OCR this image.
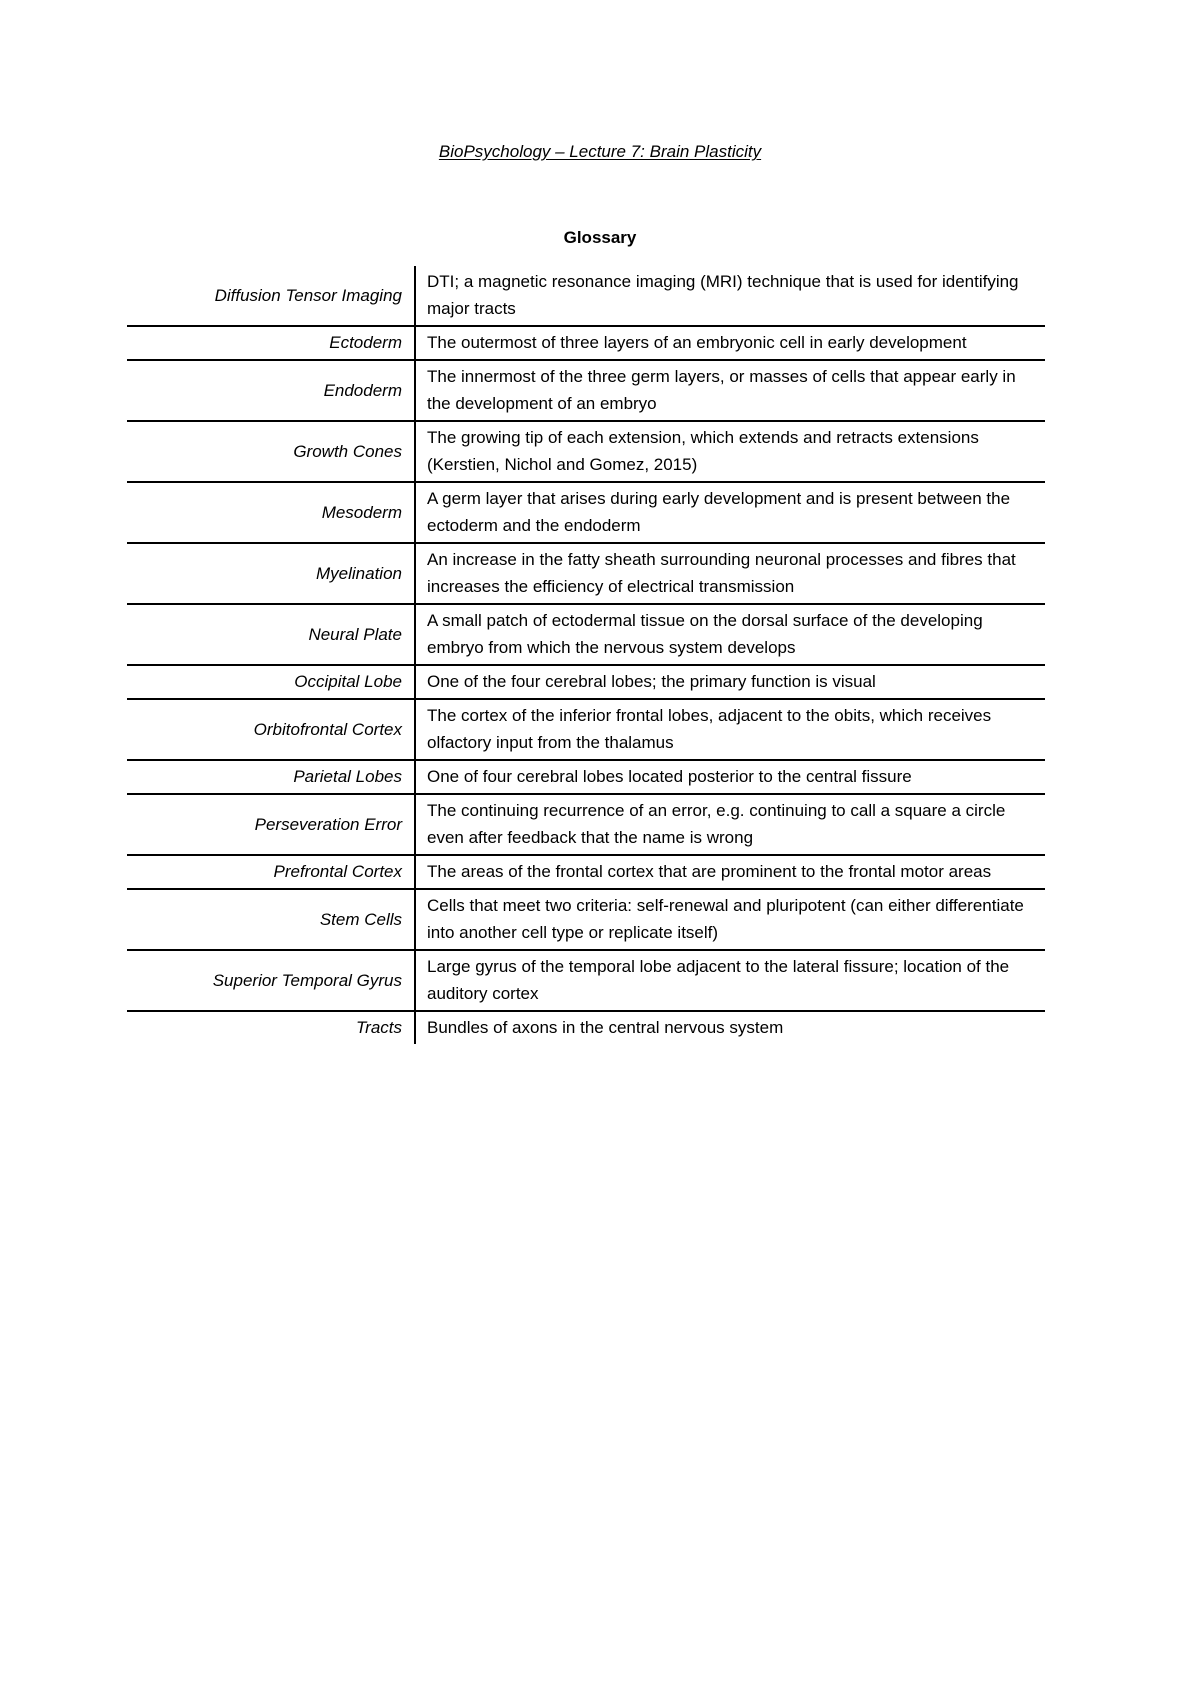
BioPsychology – Lecture 7: Brain Plasticity
Glossary
Diffusion Tensor Imaging	DTI; a magnetic resonance imaging (MRI) technique that is used for identifying major tracts
Ectoderm	The outermost of three layers of an embryonic cell in early development
Endoderm	The innermost of the three germ layers, or masses of cells that appear early in the development of an embryo
Growth Cones	The growing tip of each extension, which extends and retracts extensions (Kerstien, Nichol and Gomez, 2015)
Mesoderm	A germ layer that arises during early development and is present between the ectoderm and the endoderm
Myelination	An increase in the fatty sheath surrounding neuronal processes and fibres that increases the efficiency of electrical transmission
Neural Plate	A small patch of ectodermal tissue on the dorsal surface of the developing embryo from which the nervous system develops
Occipital Lobe	One of the four cerebral lobes; the primary function is visual
Orbitofrontal Cortex	The cortex of the inferior frontal lobes, adjacent to the obits, which receives olfactory input from the thalamus
Parietal Lobes	One of four cerebral lobes located posterior to the central fissure
Perseveration Error	The continuing recurrence of an error, e.g. continuing to call a square a circle even after feedback that the name is wrong
Prefrontal Cortex	The areas of the frontal cortex that are prominent to the frontal motor areas
Stem Cells	Cells that meet two criteria: self-renewal and pluripotent (can either differentiate into another cell type or replicate itself)
Superior Temporal Gyrus	Large gyrus of the temporal lobe adjacent to the lateral fissure; location of the auditory cortex
Tracts	Bundles of axons in the central nervous system
